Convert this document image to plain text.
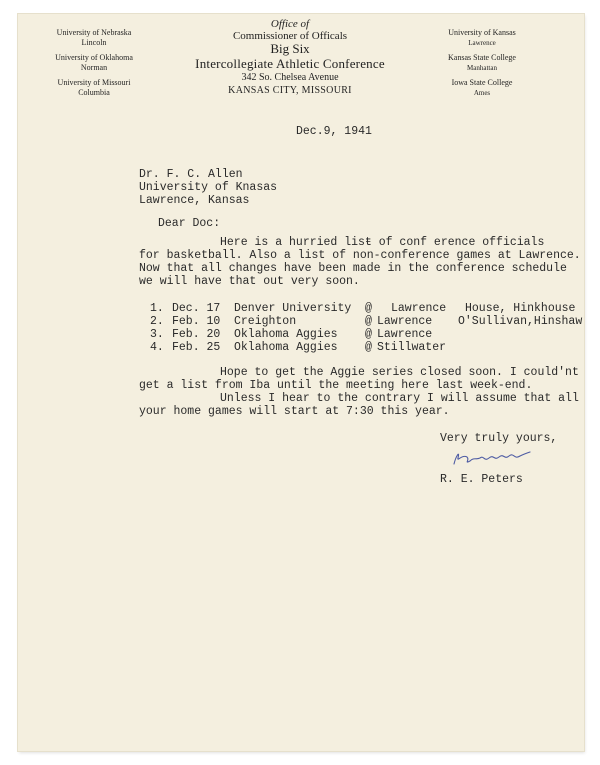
University of Nebraska
Lincoln
University of Oklahoma
Norman
University of Missouri
Columbia
Office of
Commissioner of Officals
Big Six
Intercollegiate Athletic Conference
342 So. Chelsea Avenue
KANSAS CITY, MISSOURI
University of Kansas
Lawrence
Kansas State College
Manhattan
Iowa State College
Ames
Dec.9, 1941
Dr. F. C. Allen
University of Knasas
Lawrence, Kansas
Dear Doc:
Here is a hurried lisŧ of conf erence officials
for basketball. Also a list of non-conference games at Lawrence.
Now that all changes have been made in the conference schedule
we will have that out very soon.
1. Dec. 17 Denver University @ Lawrence House, Hinkhouse
2. Feb. 10 Creighton	@ Lawrence O'Sullivan,Hinshaw
3. Feb. 20 Oklahoma Aggies @ Lawrence
4. Feb. 25 Oklahoma Aggies @ Stillwater
Hope to get the Aggie series closed soon. I could'nt
get a list from Iba until the meeting here last week-end.
Unless I hear to the contrary I will assume that all
your home games will start at 7:30 this year.
Very truly yours,
R. E. Peters
